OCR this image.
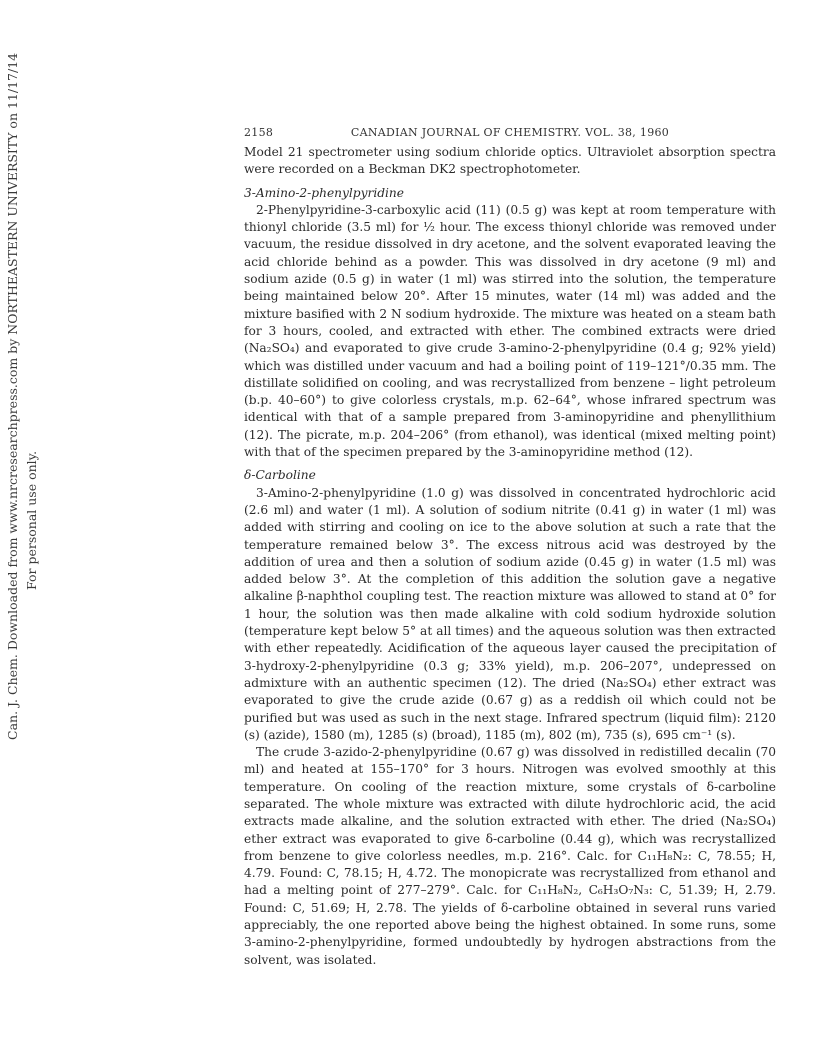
Can. J. Chem. Downloaded from www.nrcresearchpress.com by NORTHEASTERN UNIVERSITY on 11/17/14 For personal use only.
2158	CANADIAN JOURNAL OF CHEMISTRY. VOL. 38, 1960

Model 21 spectrometer using sodium chloride optics. Ultraviolet absorption spectra were recorded on a Beckman DK2 spectrophotometer.

3-Amino-2-phenylpyridine

2-Phenylpyridine-3-carboxylic acid (11) (0.5 g) was kept at room temperature with thionyl chloride (3.5 ml) for ½ hour. The excess thionyl chloride was removed under vacuum, the residue dissolved in dry acetone, and the solvent evaporated leaving the acid chloride behind as a powder. This was dissolved in dry acetone (9 ml) and sodium azide (0.5 g) in water (1 ml) was stirred into the solution, the temperature being maintained below 20°. After 15 minutes, water (14 ml) was added and the mixture basified with 2 N sodium hydroxide. The mixture was heated on a steam bath for 3 hours, cooled, and extracted with ether. The combined extracts were dried (Na₂SO₄) and evaporated to give crude 3-amino-2-phenylpyridine (0.4 g; 92% yield) which was distilled under vacuum and had a boiling point of 119–121°/0.35 mm. The distillate solidified on cooling, and was recrystallized from benzene – light petroleum (b.p. 40–60°) to give colorless crystals, m.p. 62–64°, whose infrared spectrum was identical with that of a sample prepared from 3-aminopyridine and phenyllithium (12). The picrate, m.p. 204–206° (from ethanol), was identical (mixed melting point) with that of the specimen prepared by the 3-aminopyridine method (12).

δ-Carboline

3-Amino-2-phenylpyridine (1.0 g) was dissolved in concentrated hydrochloric acid (2.6 ml) and water (1 ml). A solution of sodium nitrite (0.41 g) in water (1 ml) was added with stirring and cooling on ice to the above solution at such a rate that the temperature remained below 3°. The excess nitrous acid was destroyed by the addition of urea and then a solution of sodium azide (0.45 g) in water (1.5 ml) was added below 3°. At the completion of this addition the solution gave a negative alkaline β-naphthol coupling test. The reaction mixture was allowed to stand at 0° for 1 hour, the solution was then made alkaline with cold sodium hydroxide solution (temperature kept below 5° at all times) and the aqueous solution was then extracted with ether repeatedly. Acidification of the aqueous layer caused the precipitation of 3-hydroxy-2-phenylpyridine (0.3 g; 33% yield), m.p. 206–207°, undepressed on admixture with an authentic specimen (12). The dried (Na₂SO₄) ether extract was evaporated to give the crude azide (0.67 g) as a reddish oil which could not be purified but was used as such in the next stage. Infrared spectrum (liquid film): 2120 (s) (azide), 1580 (m), 1285 (s) (broad), 1185 (m), 802 (m), 735 (s), 695 cm⁻¹ (s).

The crude 3-azido-2-phenylpyridine (0.67 g) was dissolved in redistilled decalin (70 ml) and heated at 155–170° for 3 hours. Nitrogen was evolved smoothly at this temperature. On cooling of the reaction mixture, some crystals of δ-carboline separated. The whole mixture was extracted with dilute hydrochloric acid, the acid extracts made alkaline, and the solution extracted with ether. The dried (Na₂SO₄) ether extract was evaporated to give δ-carboline (0.44 g), which was recrystallized from benzene to give colorless needles, m.p. 216°. Calc. for C₁₁H₈N₂: C, 78.55; H, 4.79. Found: C, 78.15; H, 4.72. The monopicrate was recrystallized from ethanol and had a melting point of 277–279°. Calc. for C₁₁H₈N₂, C₆H₃O₇N₃: C, 51.39; H, 2.79. Found: C, 51.69; H, 2.78. The yields of δ-carboline obtained in several runs varied appreciably, the one reported above being the highest obtained. In some runs, some 3-amino-2-phenylpyridine, formed undoubtedly by hydrogen abstractions from the solvent, was isolated.
